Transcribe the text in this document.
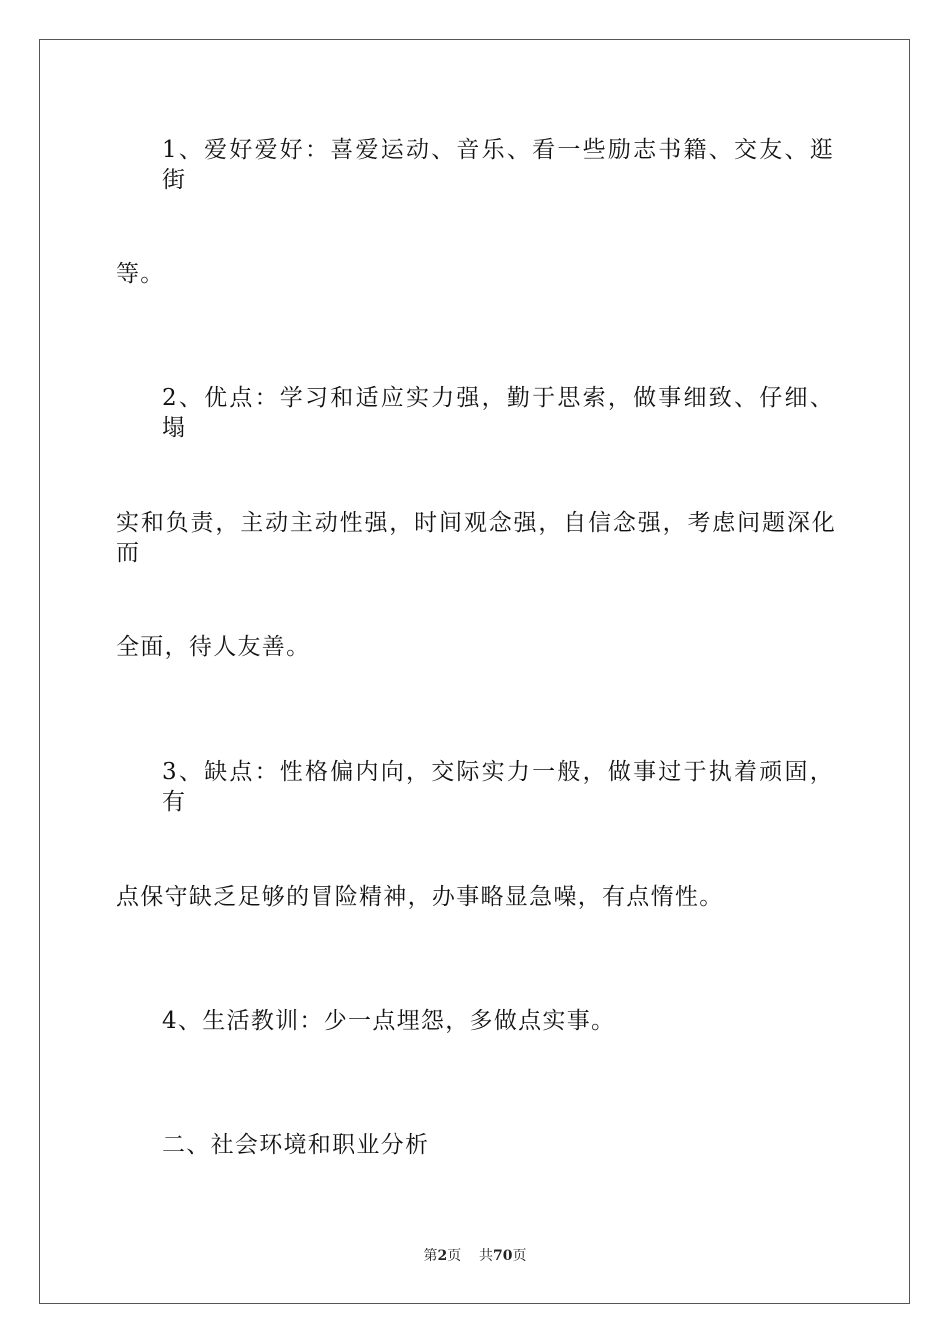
1、爱好爱好：喜爱运动、音乐、看一些励志书籍、交友、逛街
等。
2、优点：学习和适应实力强，勤于思索，做事细致、仔细、塌
实和负责，主动主动性强，时间观念强，自信念强，考虑问题深化而
全面，待人友善。
3、缺点：性格偏内向，交际实力一般，做事过于执着顽固，有
点保守缺乏足够的冒险精神，办事略显急噪，有点惰性。
4、生活教训：少一点埋怨，多做点实事。
二、社会环境和职业分析
第2页 共70页
